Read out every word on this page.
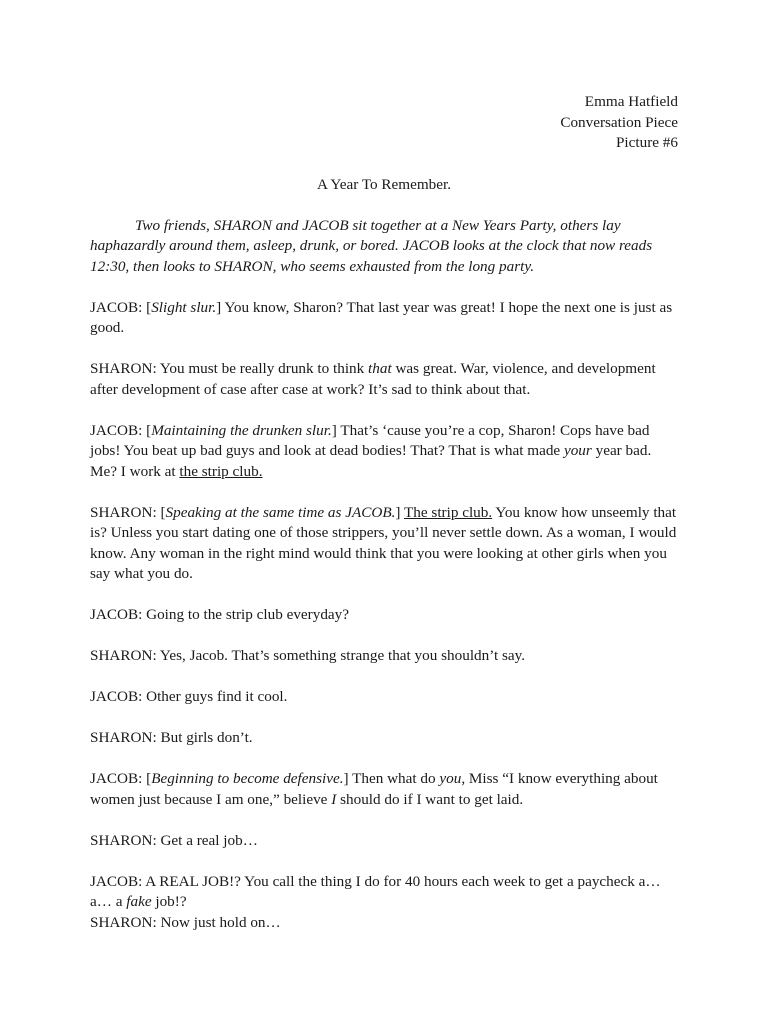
Emma Hatfield
Conversation Piece
Picture #6
A Year To Remember.

Two friends, SHARON and JACOB sit together at a New Years Party, others lay haphazardly around them, asleep, drunk, or bored. JACOB looks at the clock that now reads 12:30, then looks to SHARON, who seems exhausted from the long party.

JACOB: [Slight slur.] You know, Sharon? That last year was great! I hope the next one is just as good.

SHARON: You must be really drunk to think that was great. War, violence, and development after development of case after case at work? It’s sad to think about that.

JACOB: [Maintaining the drunken slur.] That’s ‘cause you’re a cop, Sharon! Cops have bad jobs! You beat up bad guys and look at dead bodies! That? That is what made your year bad. Me? I work at the strip club.

SHARON: [Speaking at the same time as JACOB.] The strip club. You know how unseemly that is? Unless you start dating one of those strippers, you’ll never settle down. As a woman, I would know. Any woman in the right mind would think that you were looking at other girls when you say what you do.

JACOB: Going to the strip club everyday?

SHARON: Yes, Jacob. That’s something strange that you shouldn’t say.

JACOB: Other guys find it cool.

SHARON: But girls don’t.

JACOB: [Beginning to become defensive.] Then what do you, Miss “I know everything about women just because I am one,” believe I should do if I want to get laid.

SHARON: Get a real job…

JACOB: A REAL JOB!? You call the thing I do for 40 hours each week to get a paycheck a… a… a fake job!?

SHARON: Now just hold on…
